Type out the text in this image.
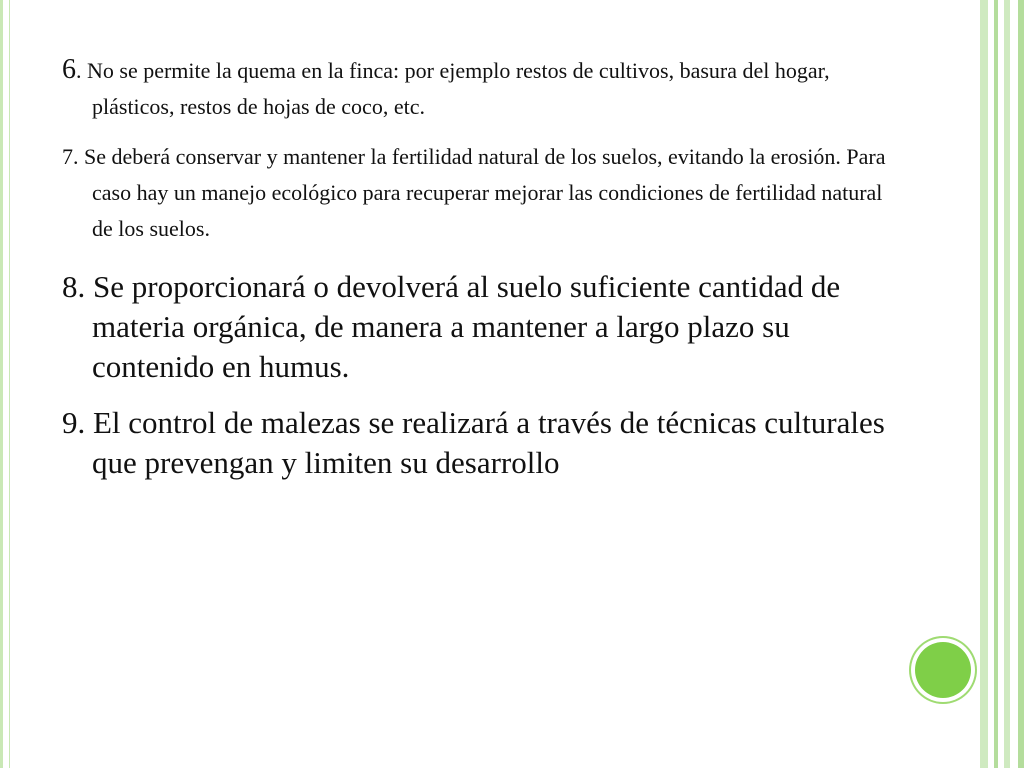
6. No se permite la quema en la finca: por ejemplo restos de cultivos, basura del hogar, plásticos, restos de hojas de coco, etc.

7. Se deberá conservar y mantener la fertilidad natural de los suelos, evitando la erosión. Para caso hay un manejo ecológico para recuperar mejorar las condiciones de fertilidad natural de los suelos.

8. Se proporcionará o devolverá al suelo suficiente cantidad de materia orgánica, de manera a mantener a largo plazo su contenido en humus.

9. El control de malezas se realizará a través de técnicas culturales que prevengan y limiten su desarrollo
